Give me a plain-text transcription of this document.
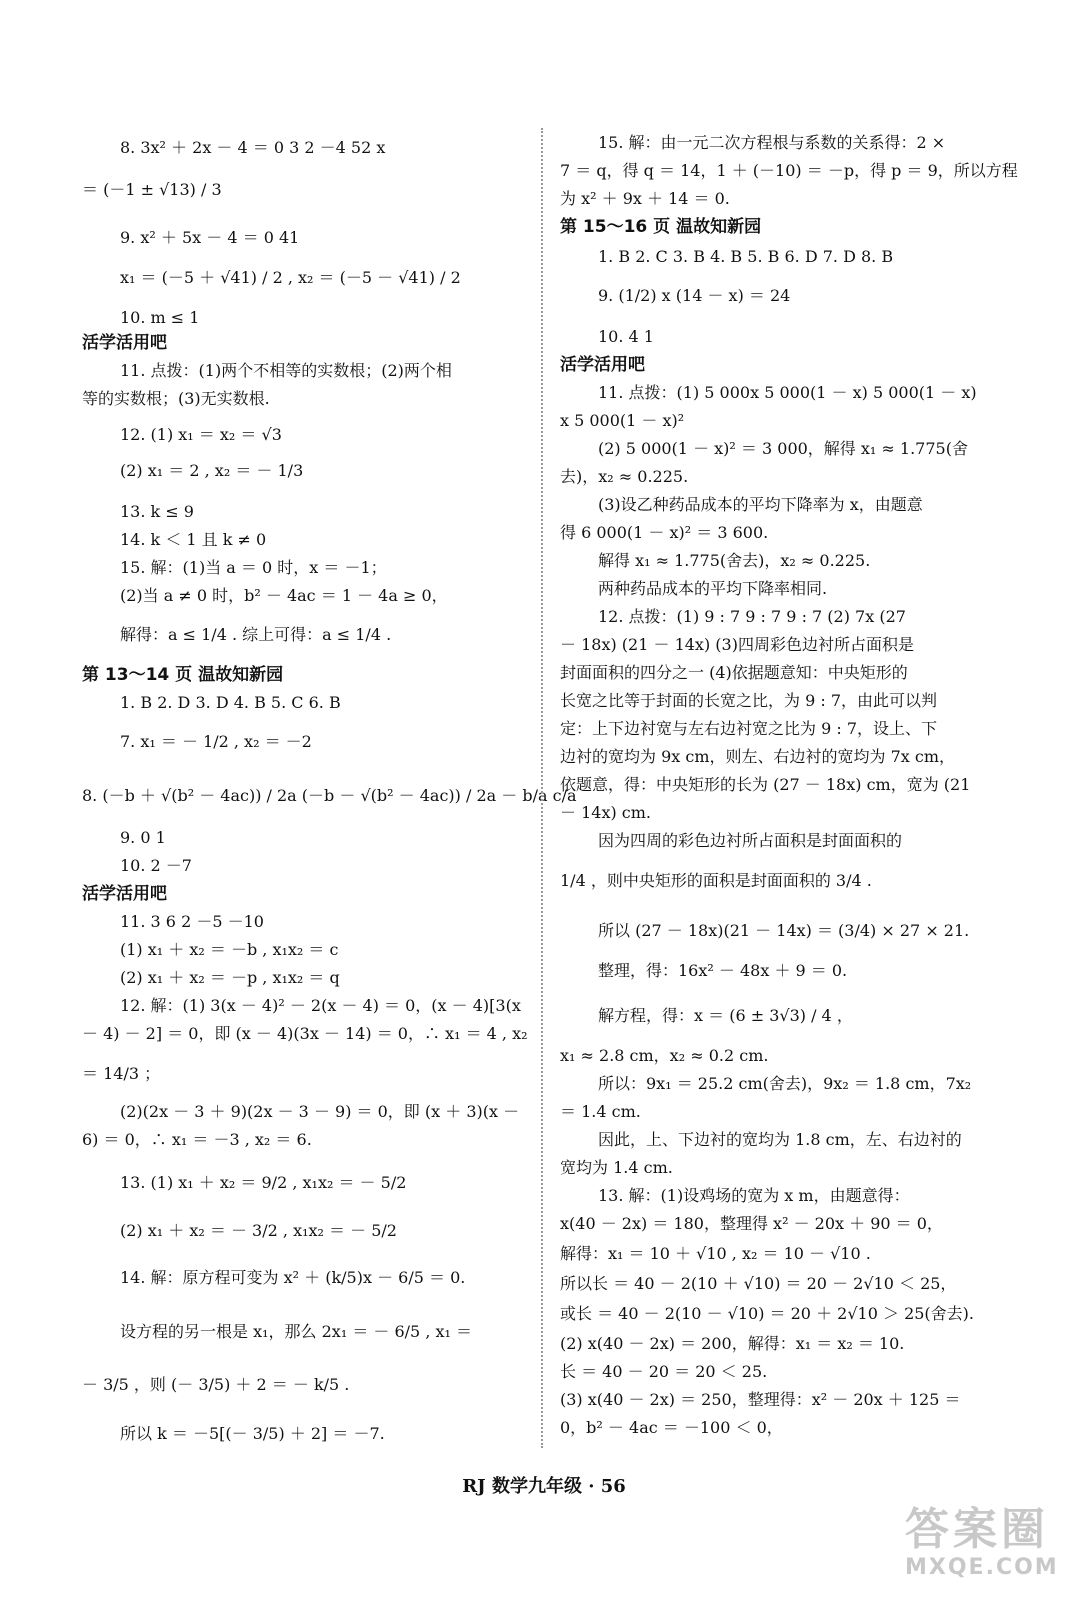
8. 3x² ＋ 2x － 4 ＝ 0 3 2 －4 52 x
＝ (－1 ± √13) / 3
9. x² ＋ 5x － 4 ＝ 0 41
x₁ ＝ (－5 ＋ √41) / 2 , x₂ ＝ (－5 － √41) / 2
10. m ≤ 1
活学活用吧
11. 点拨：(1)两个不相等的实数根；(2)两个相
等的实数根；(3)无实数根.
12. (1) x₁ ＝ x₂ ＝ √3
(2) x₁ ＝ 2 , x₂ ＝ － 1/3
13. k ≤ 9
14. k ＜ 1 且 k ≠ 0
15. 解：(1)当 a ＝ 0 时，x ＝ －1；
(2)当 a ≠ 0 时，b² － 4ac ＝ 1 － 4a ≥ 0，
解得：a ≤ 1/4 . 综上可得：a ≤ 1/4 .
第 13～14 页 温故知新园
1. B 2. D 3. D 4. B 5. C 6. B
7. x₁ ＝ － 1/2 , x₂ ＝ －2
8. (－b ＋ √(b² － 4ac)) / 2a (－b － √(b² － 4ac)) / 2a － b/a c/a
9. 0 1
10. 2 －7
活学活用吧
11. 3 6 2 －5 －10
(1) x₁ ＋ x₂ ＝ －b , x₁x₂ ＝ c
(2) x₁ ＋ x₂ ＝ －p , x₁x₂ ＝ q
12. 解：(1) 3(x － 4)² － 2(x － 4) ＝ 0，(x － 4)[3(x
－ 4) － 2] ＝ 0，即 (x － 4)(3x － 14) ＝ 0，∴ x₁ ＝ 4 , x₂
＝ 14/3 ；
(2)(2x － 3 ＋ 9)(2x － 3 － 9) ＝ 0，即 (x ＋ 3)(x －
6) ＝ 0，∴ x₁ ＝ －3 , x₂ ＝ 6.
13. (1) x₁ ＋ x₂ ＝ 9/2 , x₁x₂ ＝ － 5/2
(2) x₁ ＋ x₂ ＝ － 3/2 , x₁x₂ ＝ － 5/2
14. 解：原方程可变为 x² ＋ (k/5)x － 6/5 ＝ 0.
设方程的另一根是 x₁，那么 2x₁ ＝ － 6/5 , x₁ ＝
－ 3/5 ，则 (－ 3/5) ＋ 2 ＝ － k/5 .
所以 k ＝ －5[(－ 3/5) ＋ 2] ＝ －7.
15. 解：由一元二次方程根与系数的关系得：2 ×
7 ＝ q，得 q ＝ 14，1 ＋ (－10) ＝ －p，得 p ＝ 9，所以方程
为 x² ＋ 9x ＋ 14 ＝ 0.
第 15～16 页 温故知新园
1. B 2. C 3. B 4. B 5. B 6. D 7. D 8. B
9. (1/2) x (14 － x) ＝ 24
10. 4 1
活学活用吧
11. 点拨：(1) 5 000x 5 000(1 － x) 5 000(1 － x)
x 5 000(1 － x)²
(2) 5 000(1 － x)² ＝ 3 000，解得 x₁ ≈ 1.775(舍
去)，x₂ ≈ 0.225.
(3)设乙种药品成本的平均下降率为 x，由题意
得 6 000(1 － x)² ＝ 3 600.
解得 x₁ ≈ 1.775(舍去)，x₂ ≈ 0.225.
两种药品成本的平均下降率相同.
12. 点拨：(1) 9 : 7 9 : 7 9 : 7 (2) 7x (27
－ 18x) (21 － 14x) (3)四周彩色边衬所占面积是
封面面积的四分之一 (4)依据题意知：中央矩形的
长宽之比等于封面的长宽之比，为 9 : 7，由此可以判
定：上下边衬宽与左右边衬宽之比为 9 : 7，设上、下
边衬的宽均为 9x cm，则左、右边衬的宽均为 7x cm，
依题意，得：中央矩形的长为 (27 － 18x) cm，宽为 (21
－ 14x) cm.
因为四周的彩色边衬所占面积是封面面积的
1/4 ，则中央矩形的面积是封面面积的 3/4 .
所以 (27 － 18x)(21 － 14x) ＝ (3/4) × 27 × 21.
整理，得：16x² － 48x ＋ 9 ＝ 0.
解方程，得：x ＝ (6 ± 3√3) / 4 ，
x₁ ≈ 2.8 cm，x₂ ≈ 0.2 cm.
所以：9x₁ ＝ 25.2 cm(舍去)，9x₂ ＝ 1.8 cm，7x₂
＝ 1.4 cm.
因此，上、下边衬的宽均为 1.8 cm，左、右边衬的
宽均为 1.4 cm.
13. 解：(1)设鸡场的宽为 x m，由题意得：
x(40 － 2x) ＝ 180，整理得 x² － 20x ＋ 90 ＝ 0，
解得：x₁ ＝ 10 ＋ √10 , x₂ ＝ 10 － √10 .
所以长 ＝ 40 － 2(10 ＋ √10) ＝ 20 － 2√10 ＜ 25，
或长 ＝ 40 － 2(10 － √10) ＝ 20 ＋ 2√10 ＞ 25(舍去).
(2) x(40 － 2x) ＝ 200，解得：x₁ ＝ x₂ ＝ 10.
长 ＝ 40 － 20 ＝ 20 ＜ 25.
(3) x(40 － 2x) ＝ 250，整理得：x² － 20x ＋ 125 ＝
0，b² － 4ac ＝ －100 ＜ 0，
RJ 数学九年级 · 56
答案圈
MXQE.COM
